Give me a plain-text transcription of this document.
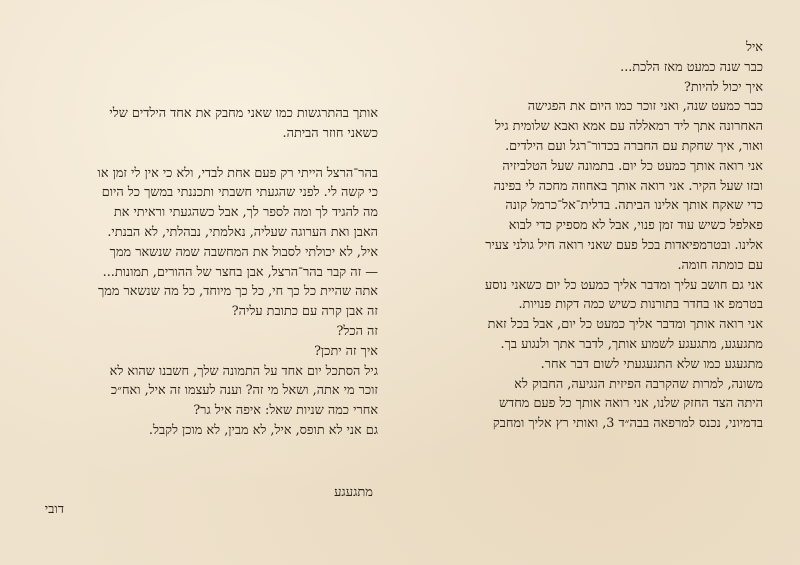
איל

כבר שנה כמעט מאז הלכת...

איך יכול להיות?

כבר כמעט שנה, ואני זוכר כמו היום את הפגישה

האחרונה אתך ליד רמאללה עם אמא ואבא שלומית גיל

ואור, איך שחקת עם החברה בכדור־רגל ועם הילדים.

אני רואה אותך כמעט כל יום. בתמונה שעל הטלביזיה

ובזו שעל הקיר. אני רואה אותך באחוזה מחכה לי בפינה

כדי שאקח אותך אלינו הביתה. בדלית־אל־כרמל קונה

פאלפל כשיש עוד זמן פנוי, אבל לא מספיק כדי לבוא

אלינו. ובטרמפיאדות בכל פעם שאני רואה חיל גולני צעיר

עם כומתה חומה.

אני גם חושב עליך ומדבר אליך כמעט כל יום כשאני נוסע

בטרמפ או בחדר בתורנות כשיש כמה דקות פנויות.

אני רואה אותך ומדבר אליך כמעט כל יום, אבל בכל זאת

מתגעגע, מתגעגע לשמוע אותך, לדבר אתך ולנגוע בך.

מתגעגע כמו שלא התגעגעתי לשום דבר אחר.

משונה, למרות שהקרבה הפיזית הנגיעה, החבוק לא

היתה הצד החזק שלנו, אני רואה אותך כל פעם מחדש

בדמיוני, נכנס למרפאה בבה״ד 3, ואותי רץ אליך ומחבק

אותך בהתרגשות כמו שאני מחבק את אחד הילדים שלי

כשאני חוזר הביתה.

בהר־הרצל הייתי רק פעם אחת לבדי, ולא כי אין לי זמן או

כי קשה לי. לפני שהגעתי חשבתי ותכננתי במשך כל היום

מה להגיד לך ומה לספר לך, אבל כשהגעתי וראיתי את

האבן ואת הערוגה שעליה, נאלמתי, נבהלתי, לא הבנתי.

איל, לא יכולתי לסבול את המחשבה שמה שנשאר ממך

— זה קבר בהר־הרצל, אבן בחצר של ההורים, תמונות...

אתה שהיית כל כך חי, כל כך מיוחד, כל מה שנשאר ממך

זה אבן קרה עם כתובת עליה?

זה הכל?

איך זה יתכן?

גיל הסתכל יום אחד על התמונה שלך, חשבנו שהוא לא

זוכר מי אתה, ושאל מי זה? וענה לעצמו זה איל, ואח״כ

אחרי כמה שניות שאל: איפה איל גר?

גם אני לא תופס, איל, לא מבין, לא מוכן לקבל.

מתגעגע
דובי
